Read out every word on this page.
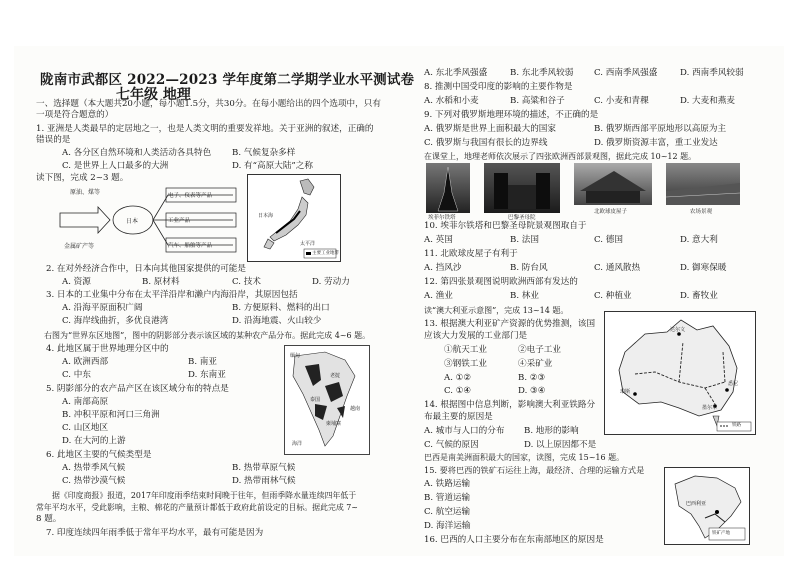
陇南市武都区 2022—2023 学年度第二学期学业水平测试卷
七年级 地理
一、选择题（本大题共20小题，每小题1.5分，共30分。在每小题给出的四个选项中，只有
一项是符合题意的）
1. 亚洲是人类最早的定居地之一，也是人类文明的重要发祥地。关于亚洲的叙述，正确的
错误的是
A. 各分区自然环境和人类活动各具特色 B. 气候复杂多样
C. 是世界上人口最多的大洲	D. 有“高原大陆”之称
读下图，完成 2~3 题。
原油、煤等
金属矿产等
日本
电子、仪表等产品
工业产品
汽车、船舶等产品
日本海
太平洋
主要工业地带
2. 在对外经济合作中，日本向其他国家提供的可能是
A. 资源	B. 原材料	C. 技术	D. 劳动力
3. 日本的工业集中分布在太平洋沿岸和濑户内海沿岸，其原因包括
A. 沿海平原面积广阔	B. 方便原料、燃料的出口
C. 海岸线曲折，多优良港湾	D. 沿海地震、火山较少
右图为“世界东区地图”，图中的阴影部分表示该区域的某种农产品分布。据此完成 4~6 题。
4. 此地区属于世界地理分区中的
A. 欧洲西部	B. 南亚
C. 中东	D. 东南亚
5. 阴影部分的农产品产区在该区域分布的特点是
A. 南部高原
B. 冲积平原和河口三角洲
C. 山区地区
D. 在大河的上游
6. 此地区主要的气候类型是
A. 热带季风气候	B. 热带草原气候
C. 热带沙漠气候	D. 热带雨林气候
据《印度商报》报道，2017年印度雨季结束时间晚于往年，但雨季降水量连续四年低于
常年平均水平，受此影响，主粮、棉花的产量预计都低于政府此前设定的目标。据此完成 7~
8 题。
7. 印度连续四年雨季低于常年平均水平，最有可能是因为
缅甸
泰国
老挝
越南
柬埔寨
海洋
A. 东北季风强盛	B. 东北季风较弱 C. 西南季风强盛	D. 西南季风较弱
8. 推测中国受印度的影响的主要作物是
A. 水稻和小麦	B. 高粱和谷子	C. 小麦和青稞	D. 大麦和燕麦
9. 下列对俄罗斯地理环境的描述，不正确的是
A. 俄罗斯是世界上面积最大的国家	B. 俄罗斯西部平原地形以高原为主
C. 俄罗斯与我国有很长的边界线	D. 俄罗斯资源丰富，重工业发达
在课堂上，地理老师依次展示了四张欧洲西部景观图，据此完成 10~12 题。
埃菲尔铁塔	巴黎圣母院
北欧球皮屋子	农场景观
10. 埃菲尔铁塔和巴黎圣母院景观图取自于
A. 英国	B. 法国	C. 德国	D. 意大利
11. 北欧球皮屋子有利于
A. 挡风沙	B. 防台风	C. 通风散热	D. 御寒保暖
12. 第四张景观图说明欧洲西部有发达的
A. 渔业	B. 林业	C. 种植业	D. 畜牧业
读“澳大利亚示意图”，完成 13~14 题。
13. 根据澳大利亚矿产资源的优势推测，该国
应该大力发展的工业部门是
①航天工业	②电子工业
③钢铁工业	④采矿业
A. ①②	B. ②③
C. ①④	D. ③④
14. 根据图中信息判断，影响澳大利亚铁路分
布最主要的原因是
A. 城市与人口的分布 B. 地形的影响
C. 气候的原因	D. 以上原因都不是
巴西是南美洲面积最大的国家，读图，完成 15~16 题。
15. 要将巴西的铁矿石运往上海，最经济、合理的运输方式是
A. 铁路运输
B. 管道运输
C. 航空运输
D. 海洋运输
16. 巴西的人口主要分布在东南部地区的原因是
珀斯
悉尼
墨尔本
达尔文
铁路
巴西利亚
铁矿产地
